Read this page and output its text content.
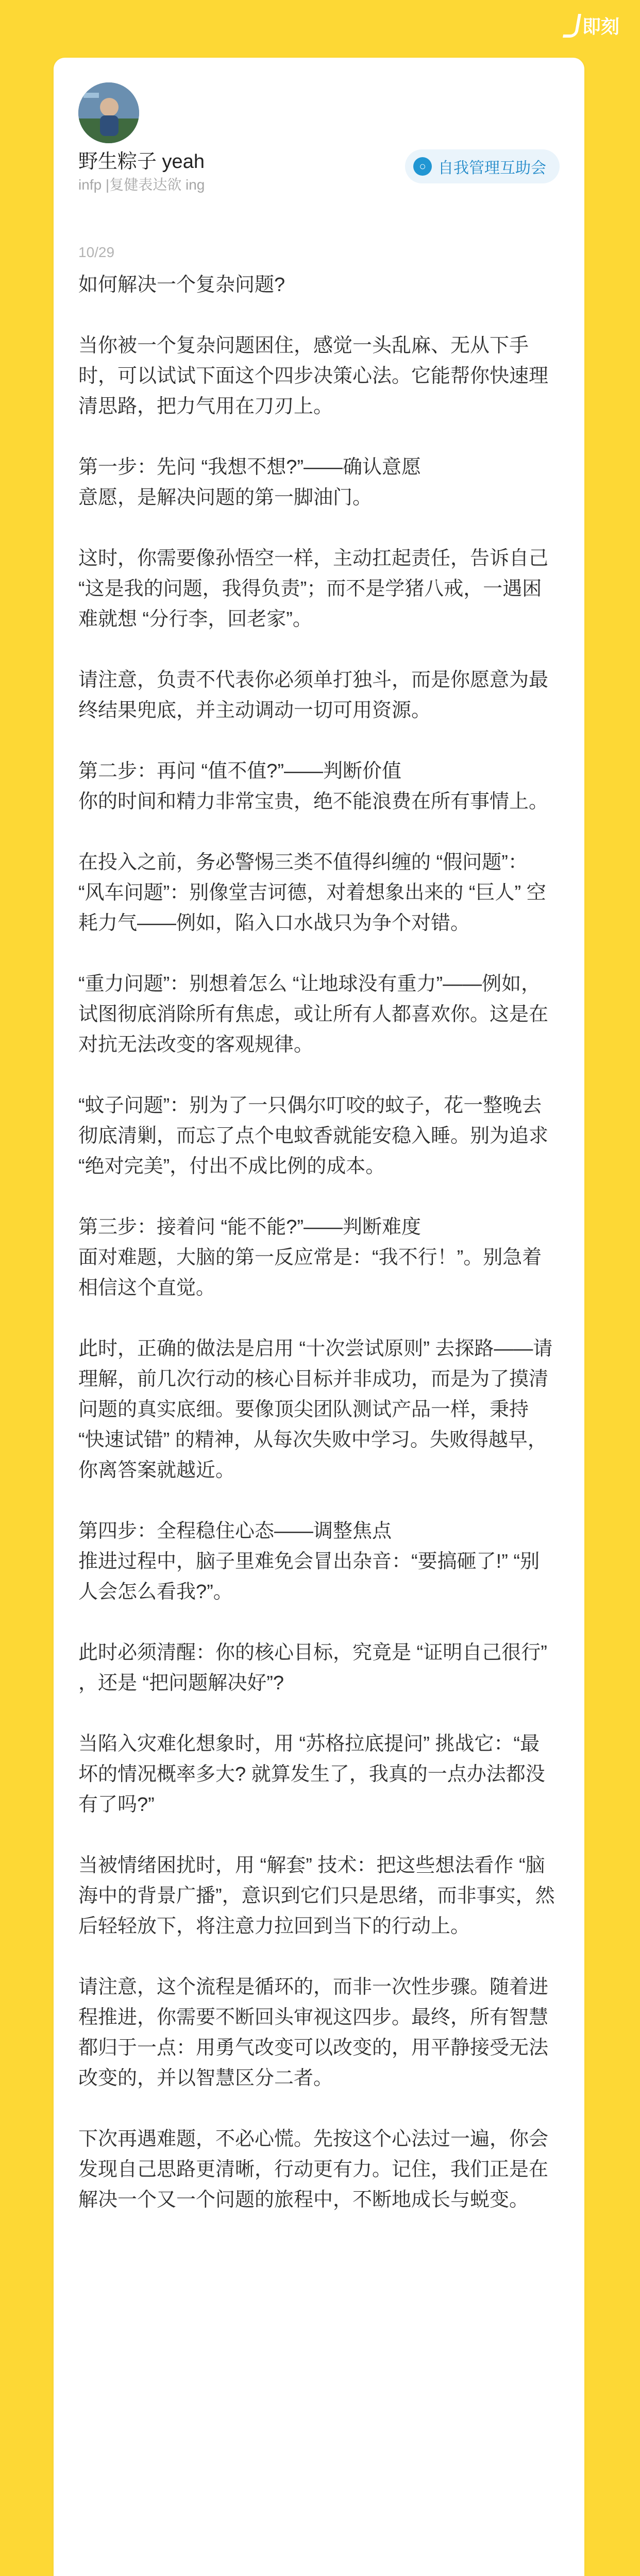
即刻
野生粽子 yeah
infp |复健表达欲 ing
○ 自我管理互助会
10/29

如何解决一个复杂问题?

当你被一个复杂问题困住，感觉一头乱麻、无从下手时，可以试试下面这个四步决策心法。它能帮你快速理清思路，把力气用在刀刃上。

第一步：先问 “我想不想?”——确认意愿
意愿，是解决问题的第一脚油门。

这时，你需要像孙悟空一样，主动扛起责任，告诉自己 “这是我的问题，我得负责”；而不是学猪八戒，一遇困难就想 “分行李，回老家”。

请注意，负责不代表你必须单打独斗，而是你愿意为最终结果兜底，并主动调动一切可用资源。

第二步：再问 “值不值?”——判断价值
你的时间和精力非常宝贵，绝不能浪费在所有事情上。

在投入之前，务必警惕三类不值得纠缠的 “假问题”：
“风车问题”：别像堂吉诃德，对着想象出来的 “巨人” 空耗力气——例如，陷入口水战只为争个对错。

“重力问题”：别想着怎么 “让地球没有重力”——例如，试图彻底消除所有焦虑，或让所有人都喜欢你。这是在对抗无法改变的客观规律。

“蚊子问题”：别为了一只偶尔叮咬的蚊子，花一整晚去彻底清剿，而忘了点个电蚊香就能安稳入睡。别为追求 “绝对完美”，付出不成比例的成本。

第三步：接着问 “能不能?”——判断难度
面对难题，大脑的第一反应常是：“我不行！”。别急着相信这个直觉。

此时，正确的做法是启用 “十次尝试原则” 去探路——请理解，前几次行动的核心目标并非成功，而是为了摸清问题的真实底细。要像顶尖团队测试产品一样，秉持 “快速试错” 的精神，从每次失败中学习。失败得越早，你离答案就越近。

第四步：全程稳住心态——调整焦点
推进过程中，脑子里难免会冒出杂音：“要搞砸了!” “别人会怎么看我?”。

此时必须清醒：你的核心目标，究竟是 “证明自己很行” ，还是 “把问题解决好”?

当陷入灾难化想象时，用 “苏格拉底提问” 挑战它：“最坏的情况概率多大? 就算发生了，我真的一点办法都没有了吗?”

当被情绪困扰时，用 “解套” 技术：把这些想法看作 “脑海中的背景广播”，意识到它们只是思绪，而非事实，然后轻轻放下，将注意力拉回到当下的行动上。

请注意，这个流程是循环的，而非一次性步骤。随着进程推进，你需要不断回头审视这四步。最终，所有智慧都归于一点：用勇气改变可以改变的，用平静接受无法改变的，并以智慧区分二者。

下次再遇难题，不必心慌。先按这个心法过一遍，你会发现自己思路更清晰，行动更有力。记住，我们正是在解决一个又一个问题的旅程中，不断地成长与蜕变。
